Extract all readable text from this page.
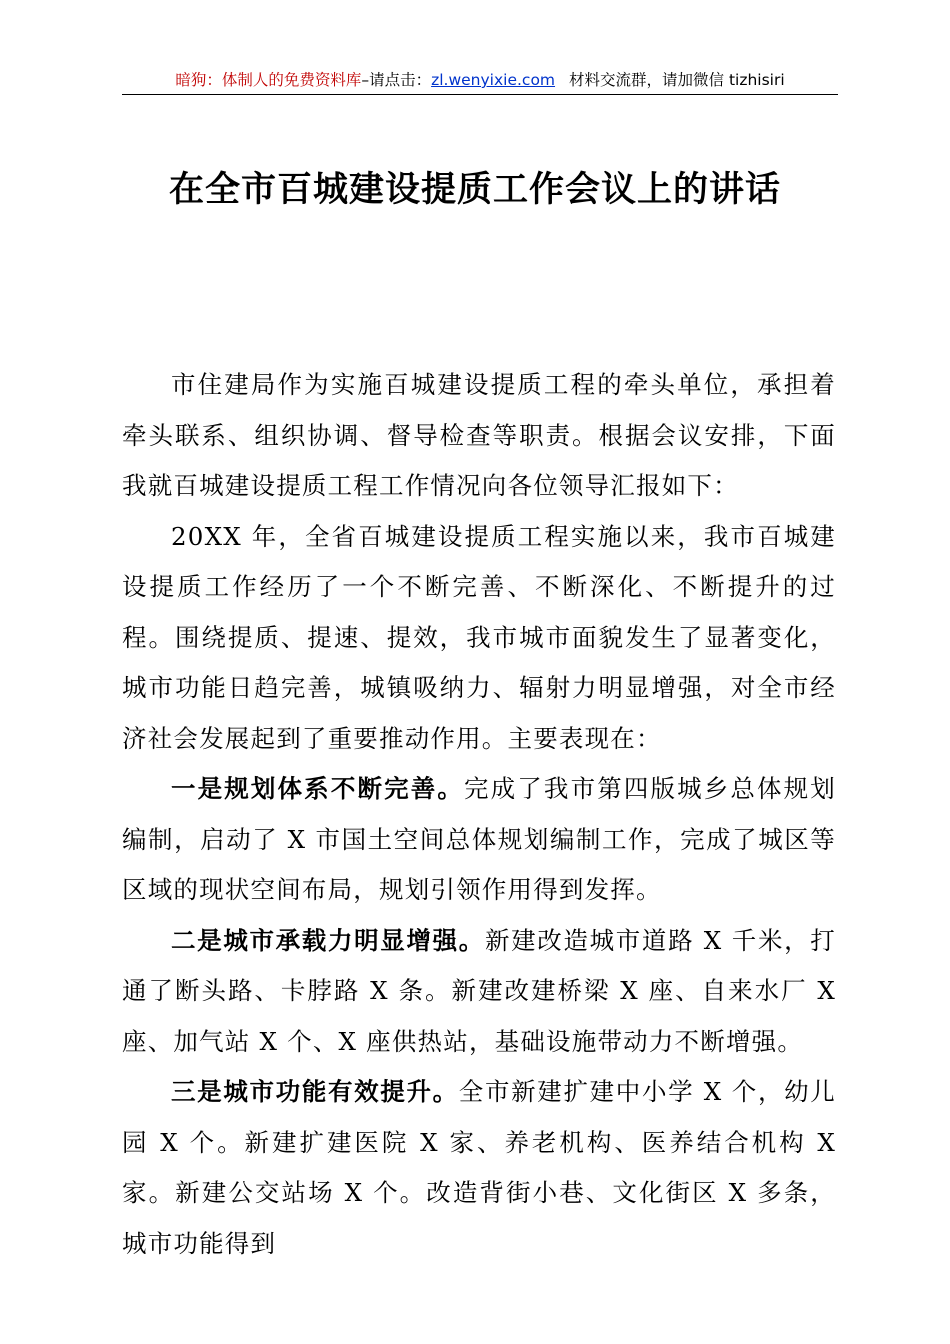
暗狗：体制人的免费资料库–请点击：zl.wenyixie.com 材料交流群，请加微信 tizhisiri
在全市百城建设提质工作会议上的讲话

市住建局作为实施百城建设提质工程的牵头单位，承担着牵头联系、组织协调、督导检查等职责。根据会议安排，下面我就百城建设提质工程工作情况向各位领导汇报如下：

20XX 年，全省百城建设提质工程实施以来，我市百城建设提质工作经历了一个不断完善、不断深化、不断提升的过程。围绕提质、提速、提效，我市城市面貌发生了显著变化，城市功能日趋完善，城镇吸纳力、辐射力明显增强，对全市经济社会发展起到了重要推动作用。主要表现在：

一是规划体系不断完善。完成了我市第四版城乡总体规划编制，启动了 X 市国土空间总体规划编制工作，完成了城区等区域的现状空间布局，规划引领作用得到发挥。

二是城市承载力明显增强。新建改造城市道路 X 千米，打通了断头路、卡脖路 X 条。新建改建桥梁 X 座、自来水厂 X 座、加气站 X 个、X 座供热站，基础设施带动力不断增强。

三是城市功能有效提升。全市新建扩建中小学 X 个，幼儿园 X 个。新建扩建医院 X 家、养老机构、医养结合机构 X 家。新建公交站场 X 个。改造背街小巷、文化街区 X 多条，城市功能得到
